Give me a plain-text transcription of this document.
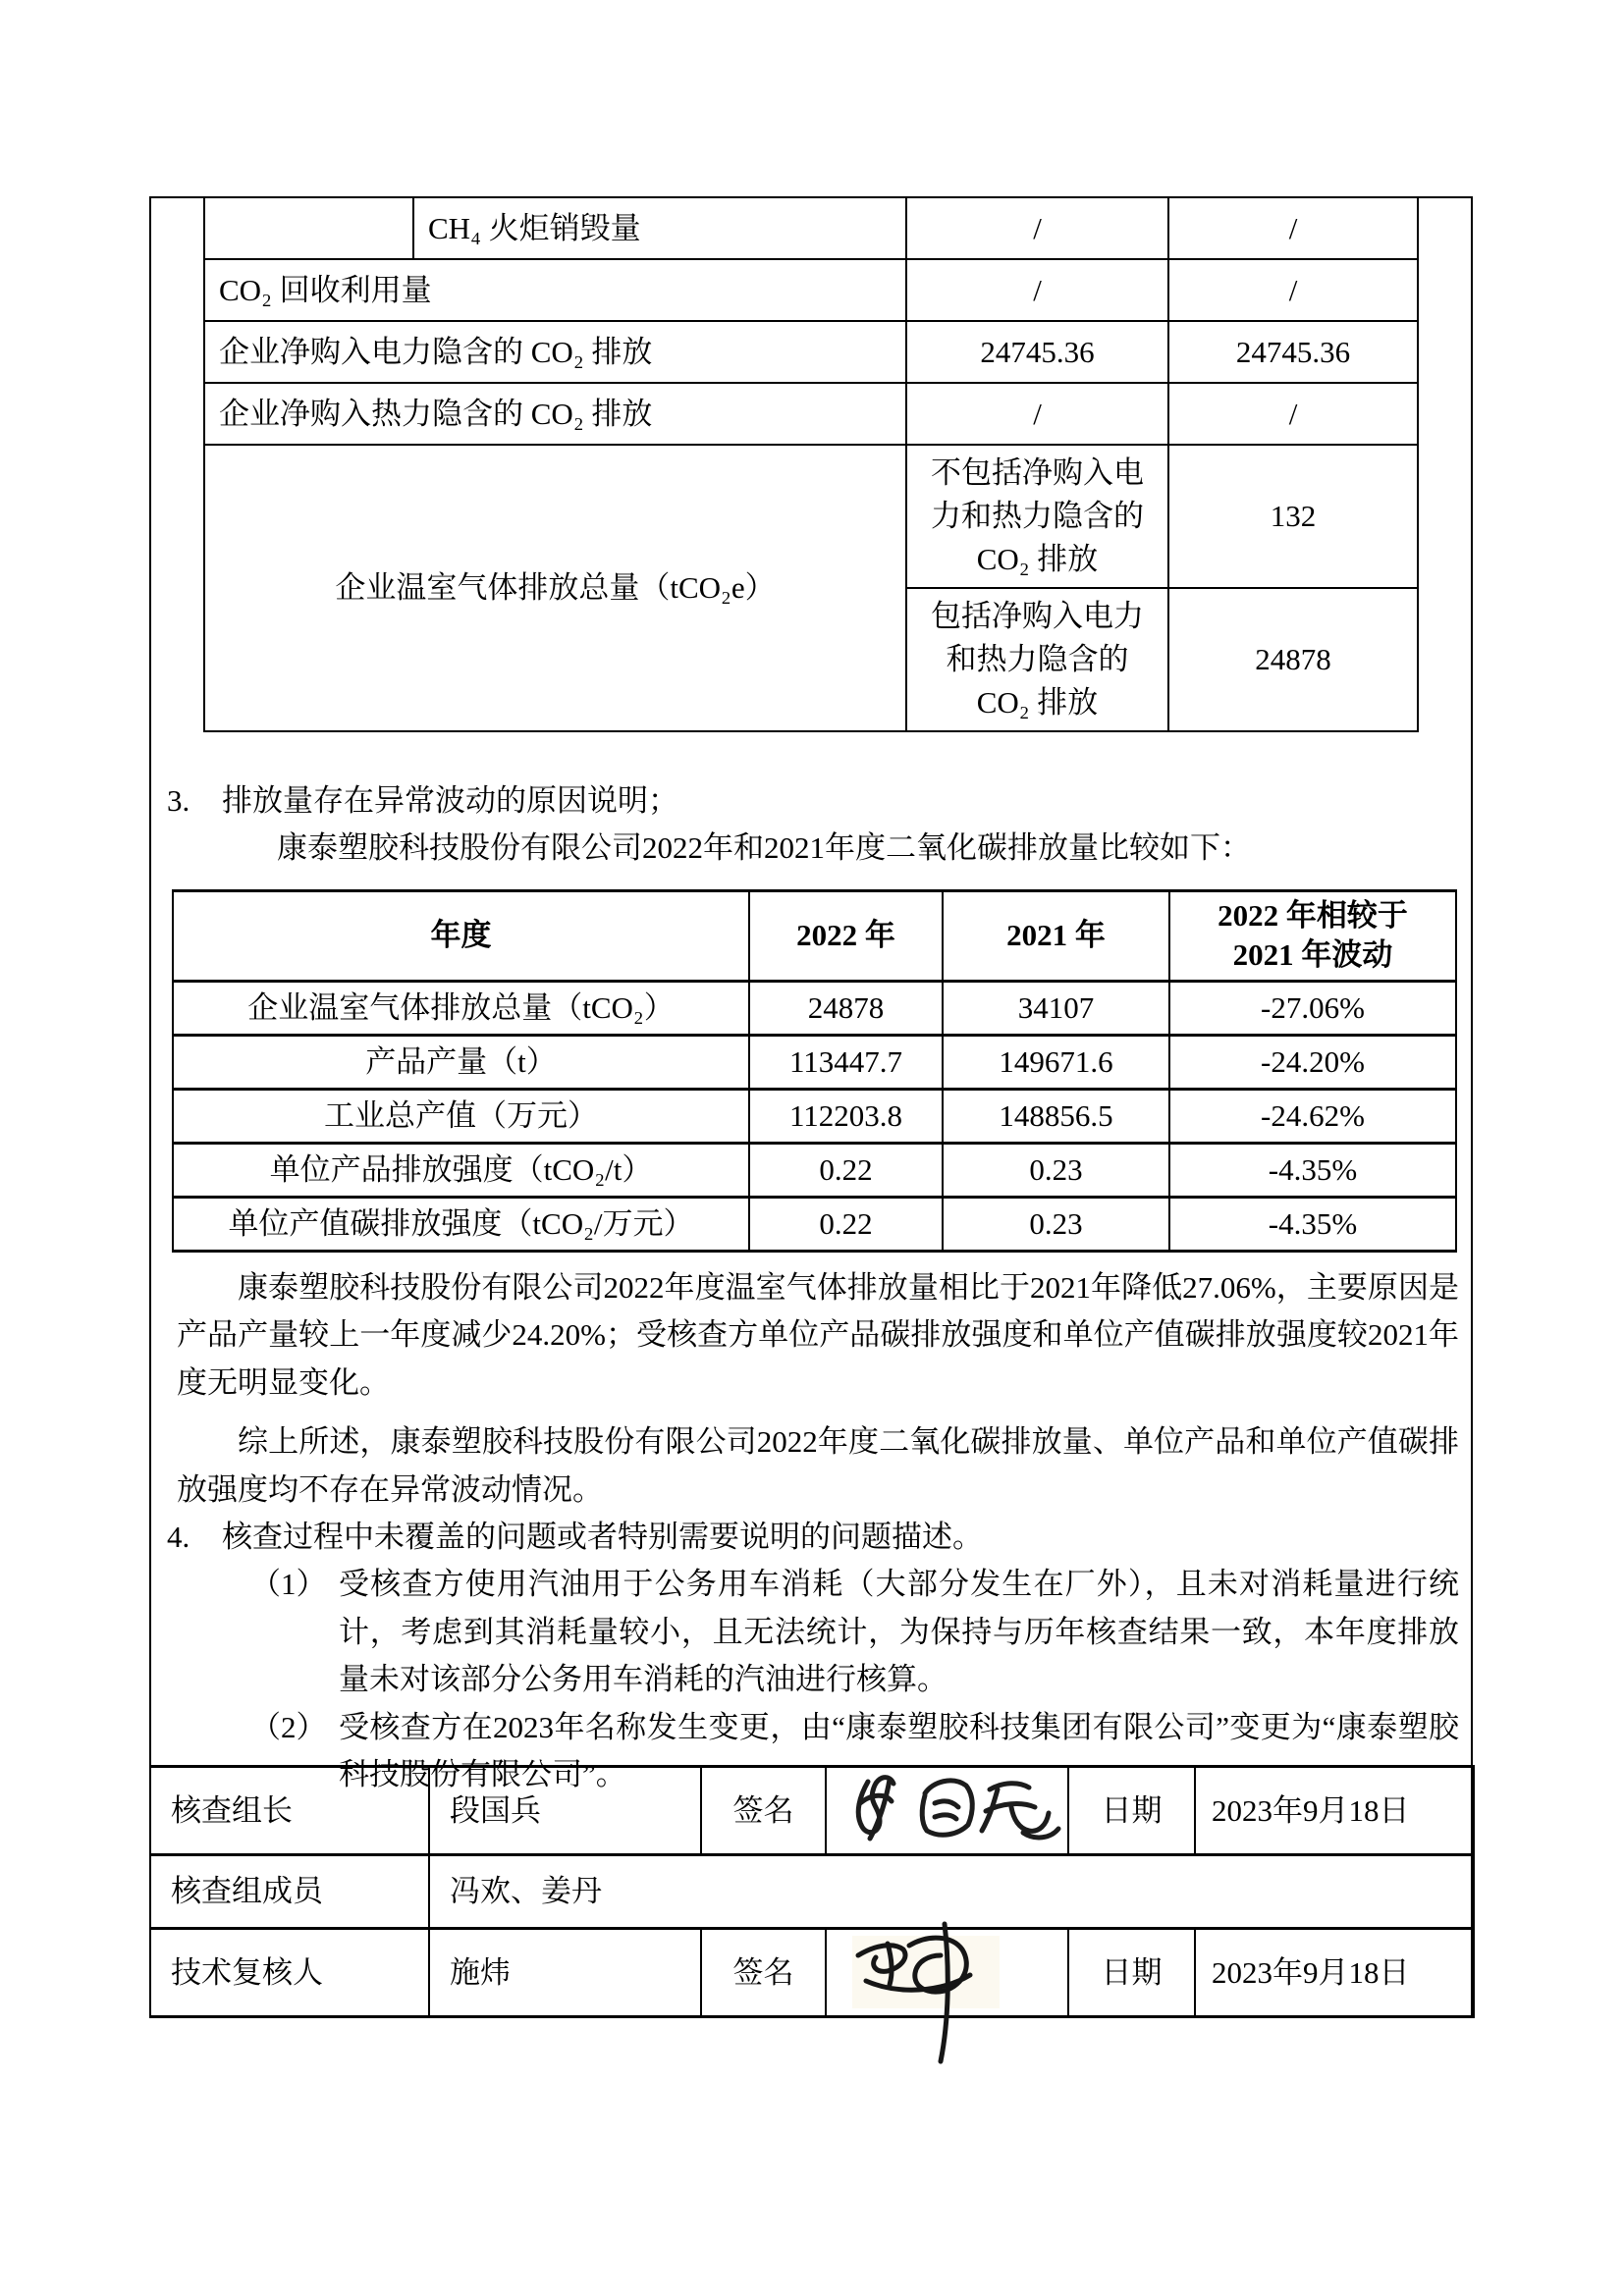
	CH₄ 火炬销毁量	/	/
CO₂ 回收利用量		/	/
企业净购入电力隐含的 CO₂ 排放		24745.36	24745.36
企业净购入热力隐含的 CO₂ 排放		/	/
企业温室气体排放总量（tCO₂e）		不包括净购入电力和热力隐含的 CO₂ 排放	132
		包括净购入电力和热力隐含的 CO₂ 排放	24878
3. 排放量存在异常波动的原因说明；
康泰塑胶科技股份有限公司2022年和2021年度二氧化碳排放量比较如下：
年度	2022 年	2021 年	2022 年相较于 2021 年波动
企业温室气体排放总量（tCO₂）	24878	34107	-27.06%
产品产量（t）	113447.7	149671.6	-24.20%
工业总产值（万元）	112203.8	148856.5	-24.62%
单位产品排放强度（tCO₂/t）	0.22	0.23	-4.35%
单位产值碳排放强度（tCO₂/万元）	0.22	0.23	-4.35%
康泰塑胶科技股份有限公司2022年度温室气体排放量相比于2021年降低27.06%，主要原因是产品产量较上一年度减少24.20%；受核查方单位产品碳排放强度和单位产值碳排放强度较2021年度无明显变化。
综上所述，康泰塑胶科技股份有限公司2022年度二氧化碳排放量、单位产品和单位产值碳排放强度均不存在异常波动情况。
4. 核查过程中未覆盖的问题或者特别需要说明的问题描述。
（1） 受核查方使用汽油用于公务用车消耗（大部分发生在厂外），且未对消耗量进行统计，考虑到其消耗量较小，且无法统计，为保持与历年核查结果一致，本年度排放量未对该部分公务用车消耗的汽油进行核算。
（2） 受核查方在2023年名称发生变更，由“康泰塑胶科技集团有限公司”变更为“康泰塑胶科技股份有限公司”。
核查组长	段国兵	签名		日期	2023年9月18日
核查组成员	冯欢、姜丹				
技术复核人	施炜	签名		日期	2023年9月18日
